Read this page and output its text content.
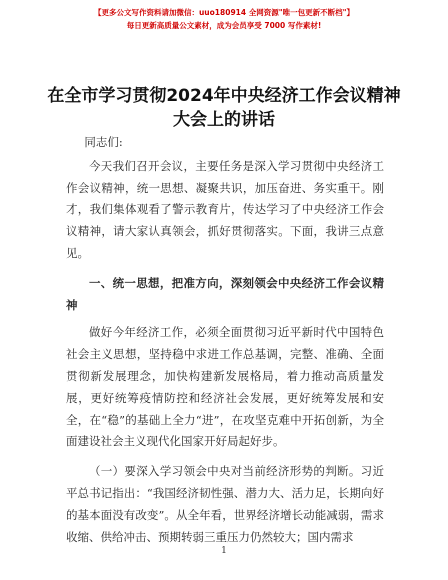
【更多公文写作资料请加微信：uuo180914 全网资源"唯一包更新不断档"】
每日更新高质量公文素材，成为会员享受 7000 写作素材!
在全市学习贯彻2024年中央经济工作会议精神大会上的讲话

同志们:

今天我们召开会议，主要任务是深入学习贯彻中央经济工作会议精神，统一思想、凝聚共识，加压奋进、务实重干。刚才，我们集体观看了警示教育片，传达学习了中央经济工作会议精神，请大家认真领会，抓好贯彻落实。下面，我讲三点意见。

一、统一思想，把准方向，深刻领会中央经济工作会议精神

做好今年经济工作，必须全面贯彻习近平新时代中国特色社会主义思想，坚持稳中求进工作总基调，完整、准确、全面贯彻新发展理念，加快构建新发展格局，着力推动高质量发展，更好统筹疫情防控和经济社会发展，更好统筹发展和安全，在“稳”的基础上全力“进”，在攻坚克难中开拓创新，为全面建设社会主义现代化国家开好局起好步。

（一）要深入学习领会中央对当前经济形势的判断。习近平总书记指出：“我国经济韧性强、潜力大、活力足，长期向好的基本面没有改变”。从全年看，世界经济增长动能减弱，需求收缩、供给冲击、预期转弱三重压力仍然较大；国内需求

1
